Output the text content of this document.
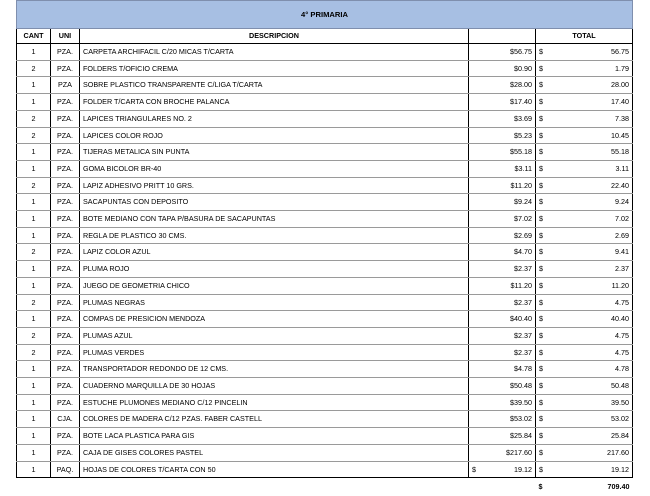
4° PRIMARIA				
CANT	UNI	DESCRIPCION		TOTAL
1	PZA.	CARPETA ARCHIFACIL C/20 MICAS T/CARTA	$56.75	$ 56.75

2	PZA.	FOLDERS T/OFICIO CREMA	$0.90	$ 1.79

1	PZA	SOBRE PLASTICO TRANSPARENTE C/LIGA T/CARTA	$28.00	$ 28.00

1	PZA.	FOLDER T/CARTA CON BROCHE PALANCA	$17.40	$ 17.40

2	PZA.	LAPICES TRIANGULARES NO. 2	$3.69	$ 7.38

2	PZA.	LAPICES COLOR ROJO	$5.23	$ 10.45

1	PZA.	TIJERAS METALICA SIN PUNTA	$55.18	$ 55.18

1	PZA.	GOMA BICOLOR BR-40	$3.11	$ 3.11

2	PZA.	LAPIZ ADHESIVO PRITT 10 GRS.	$11.20	$ 22.40

1	PZA.	SACAPUNTAS CON DEPOSITO	$9.24	$ 9.24

1	PZA.	BOTE MEDIANO CON TAPA P/BASURA DE SACAPUNTAS	$7.02	$ 7.02

1	PZA.	REGLA DE PLASTICO 30 CMS.	$2.69	$ 2.69

2	PZA.	LAPIZ COLOR AZUL	$4.70	$ 9.41

1	PZA.	PLUMA ROJO	$2.37	$ 2.37

1	PZA.	JUEGO DE GEOMETRIA CHICO	$11.20	$ 11.20

2	PZA.	PLUMAS NEGRAS	$2.37	$ 4.75

1	PZA.	COMPAS DE PRESICION MENDOZA	$40.40	$ 40.40

2	PZA.	PLUMAS AZUL	$2.37	$ 4.75

2	PZA.	PLUMAS VERDES	$2.37	$ 4.75

1	PZA.	TRANSPORTADOR REDONDO DE 12 CMS.	$4.78	$ 4.78

1	PZA.	CUADERNO MARQUILLA DE 30 HOJAS	$50.48	$ 50.48

1	PZA.	ESTUCHE PLUMONES MEDIANO C/12 PINCELIN	$39.50	$ 39.50

1	CJA.	COLORES DE MADERA C/12 PZAS. FABER CASTELL	$53.02	$ 53.02

1	PZA.	BOTE LACA PLASTICA PARA GIS	$25.84	$ 25.84

1	PZA.	CAJA DE GISES COLORES PASTEL	$217.60	$ 217.60

1	PAQ.	HOJAS DE COLORES T/CARTA CON 50	$ 19.12	$ 19.12

				$ 709.40
